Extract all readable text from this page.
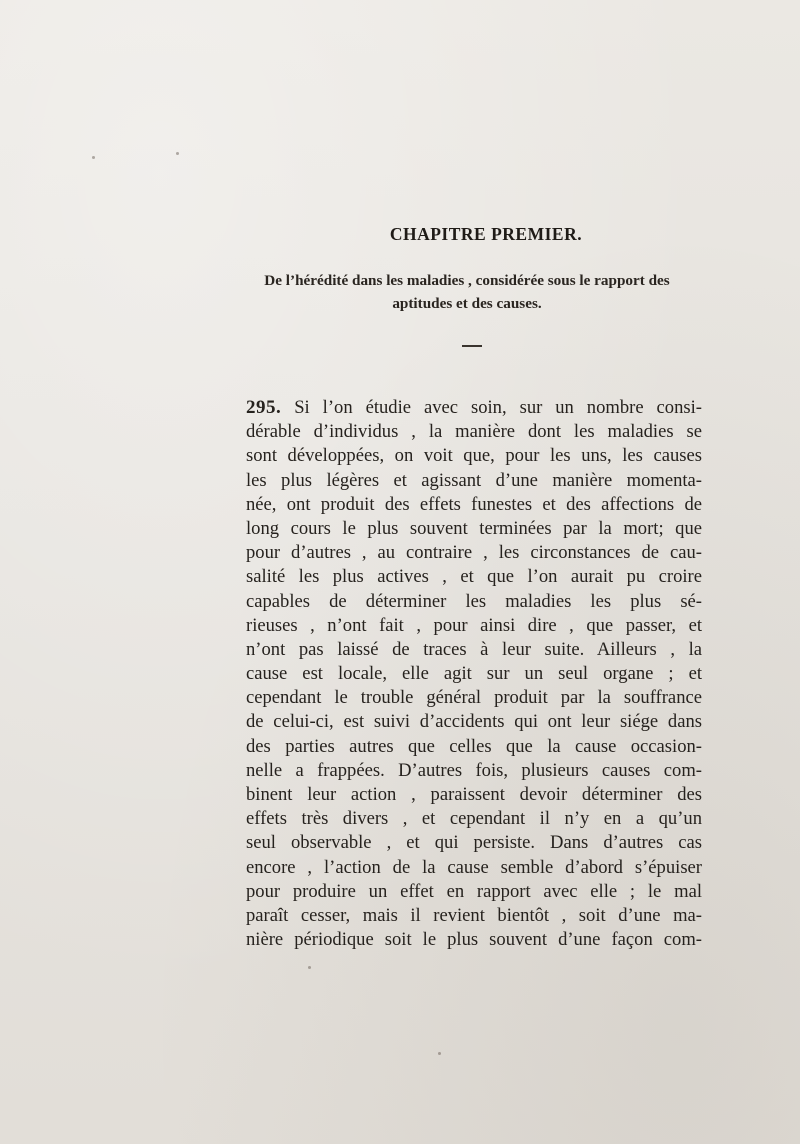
CHAPITRE PREMIER.
De l’hérédité dans les maladies , considérée sous le rapport des
aptitudes et des causes.
295. Si l’on étudie avec soin, sur un nombre consi-
dérable d’individus , la manière dont les maladies se
sont développées, on voit que, pour les uns, les causes
les plus légères et agissant d’une manière momenta-
née, ont produit des effets funestes et des affections de
long cours le plus souvent terminées par la mort; que
pour d’autres , au contraire , les circonstances de cau-
salité les plus actives , et que l’on aurait pu croire
capables de déterminer les maladies les plus sé-
rieuses , n’ont fait , pour ainsi dire , que passer, et
n’ont pas laissé de traces à leur suite. Ailleurs , la
cause est locale, elle agit sur un seul organe ; et
cependant le trouble général produit par la souffrance
de celui-ci, est suivi d’accidents qui ont leur siége dans
des parties autres que celles que la cause occasion-
nelle a frappées. D’autres fois, plusieurs causes com-
binent leur action , paraissent devoir déterminer des
effets très divers , et cependant il n’y en a qu’un
seul observable , et qui persiste. Dans d’autres cas
encore , l’action de la cause semble d’abord s’épuiser
pour produire un effet en rapport avec elle ; le mal
paraît cesser, mais il revient bientôt , soit d’une ma-
nière périodique soit le plus souvent d’une façon com-
